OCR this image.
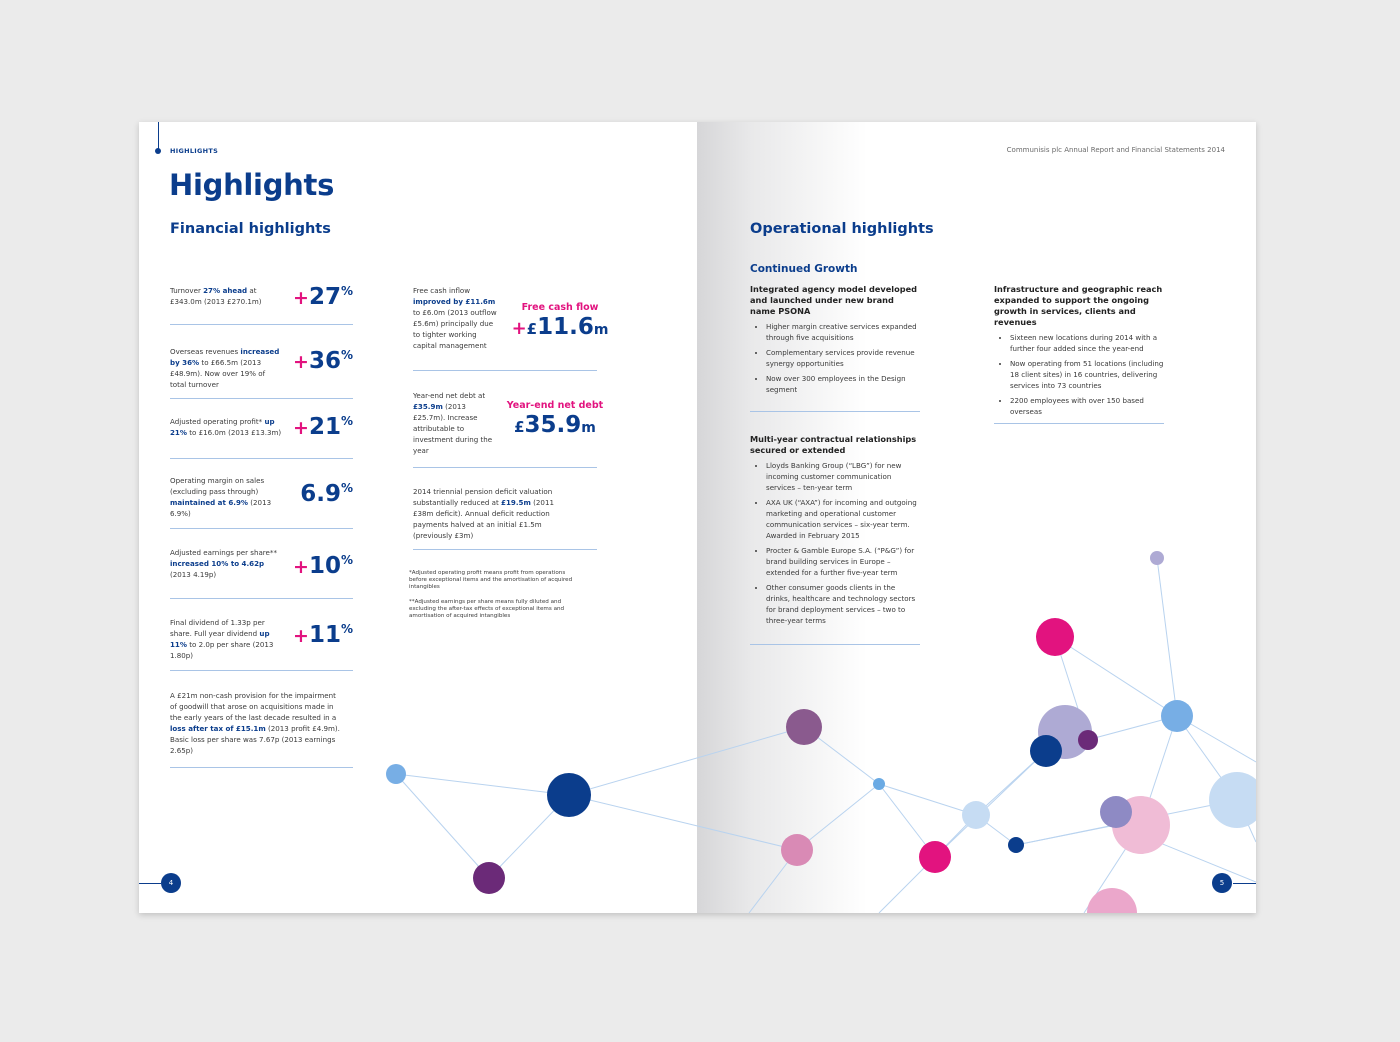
HIGHLIGHTS
Highlights
Financial highlights
Turnover 27% ahead at £343.0m (2013 £270.1m)	+27%
Overseas revenues increased by 36% to £66.5m (2013 £48.9m). Now over 19% of total turnover
+36%
Adjusted operating profit* up 21% to £16.0m (2013 £13.3m) +21%
Operating margin on sales (excluding pass through) maintained at 6.9% (2013 6.9%)
6.9%
Adjusted earnings per share** increased 10% to 4.62p (2013 4.19p)	+10%
Final dividend of 1.33p per share. Full year dividend up 11% to 2.0p per share (2013 1.80p)
+11%
A £21m non-cash provision for the impairment of goodwill that arose on acquisitions made in the early years of the last decade resulted in a loss after tax of £15.1m (2013 profit £4.9m). Basic loss per share was 7.67p (2013 earnings 2.65p)
Free cash inflow improved by £11.6m to £6.0m (2013 outflow £5.6m) principally due to tighter working capital management
Free cash flow
+£11.6m
Year-end net debt at £35.9m (2013 £25.7m). Increase attributable to investment during the year
Year-end net debt
£35.9m
2014 triennial pension deficit valuation substantially reduced at £19.5m (2011 £38m deficit). Annual deficit reduction payments halved at an initial £1.5m (previously £3m)
*Adjusted operating profit means profit from operations before exceptional items and the amortisation of acquired intangibles
**Adjusted earnings per share means fully diluted and excluding the after-tax effects of exceptional items and amortisation of acquired intangibles
4
Communisis plc Annual Report and Financial Statements 2014
Operational highlights
Continued Growth
Integrated agency model developed and launched under new brand name PSONA
• Higher margin creative services expanded through five acquisitions
• Complementary services provide revenue synergy opportunities
• Now over 300 employees in the Design segment
Multi-year contractual relationships secured or extended
• Lloyds Banking Group (“LBG”) for new incoming customer communication services – ten-year term
• AXA UK (“AXA”) for incoming and outgoing marketing and operational customer communication services – six-year term. Awarded in February 2015
• Procter & Gamble Europe S.A. (“P&G”) for brand building services in Europe – extended for a further five-year term
• Other consumer goods clients in the drinks, healthcare and technology sectors for brand deployment services – two to three-year terms
Infrastructure and geographic reach expanded to support the ongoing growth in services, clients and revenues
• Sixteen new locations during 2014 with a further four added since the year-end
• Now operating from 51 locations (including 18 client sites) in 16 countries, delivering services into 73 countries
• 2200 employees with over 150 based overseas
5
